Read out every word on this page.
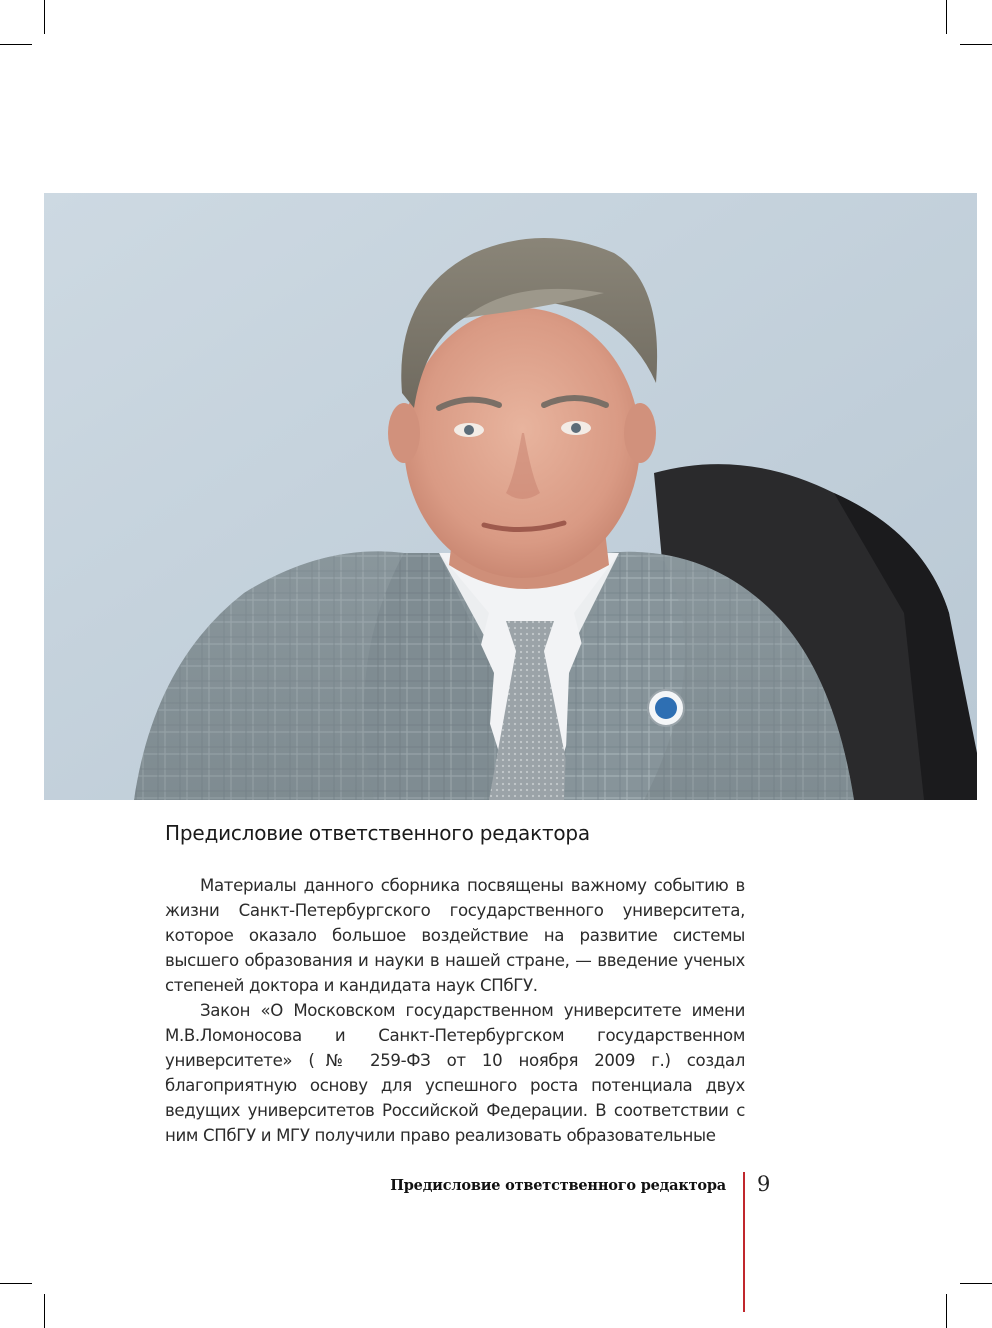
Предисловие ответственного редактора

Материалы данного сборника посвящены важному событию в жизни Санкт-Петербургского государственного университета, которое оказало большое воздействие на развитие системы высшего образования и науки в нашей стране, — введение ученых степеней доктора и кандидата наук СПбГУ.

Закон «О Московском государственном университете имени М.В.Ломоносова и Санкт-Петербургском государственном университете» (№ 259-ФЗ от 10 ноября 2009 г.) создал благоприятную основу для успешного роста потенциала двух ведущих университетов Российской Федерации. В соответствии с ним СПбГУ и МГУ получили право реализовать образовательные

Предисловие ответственного редактора 9
